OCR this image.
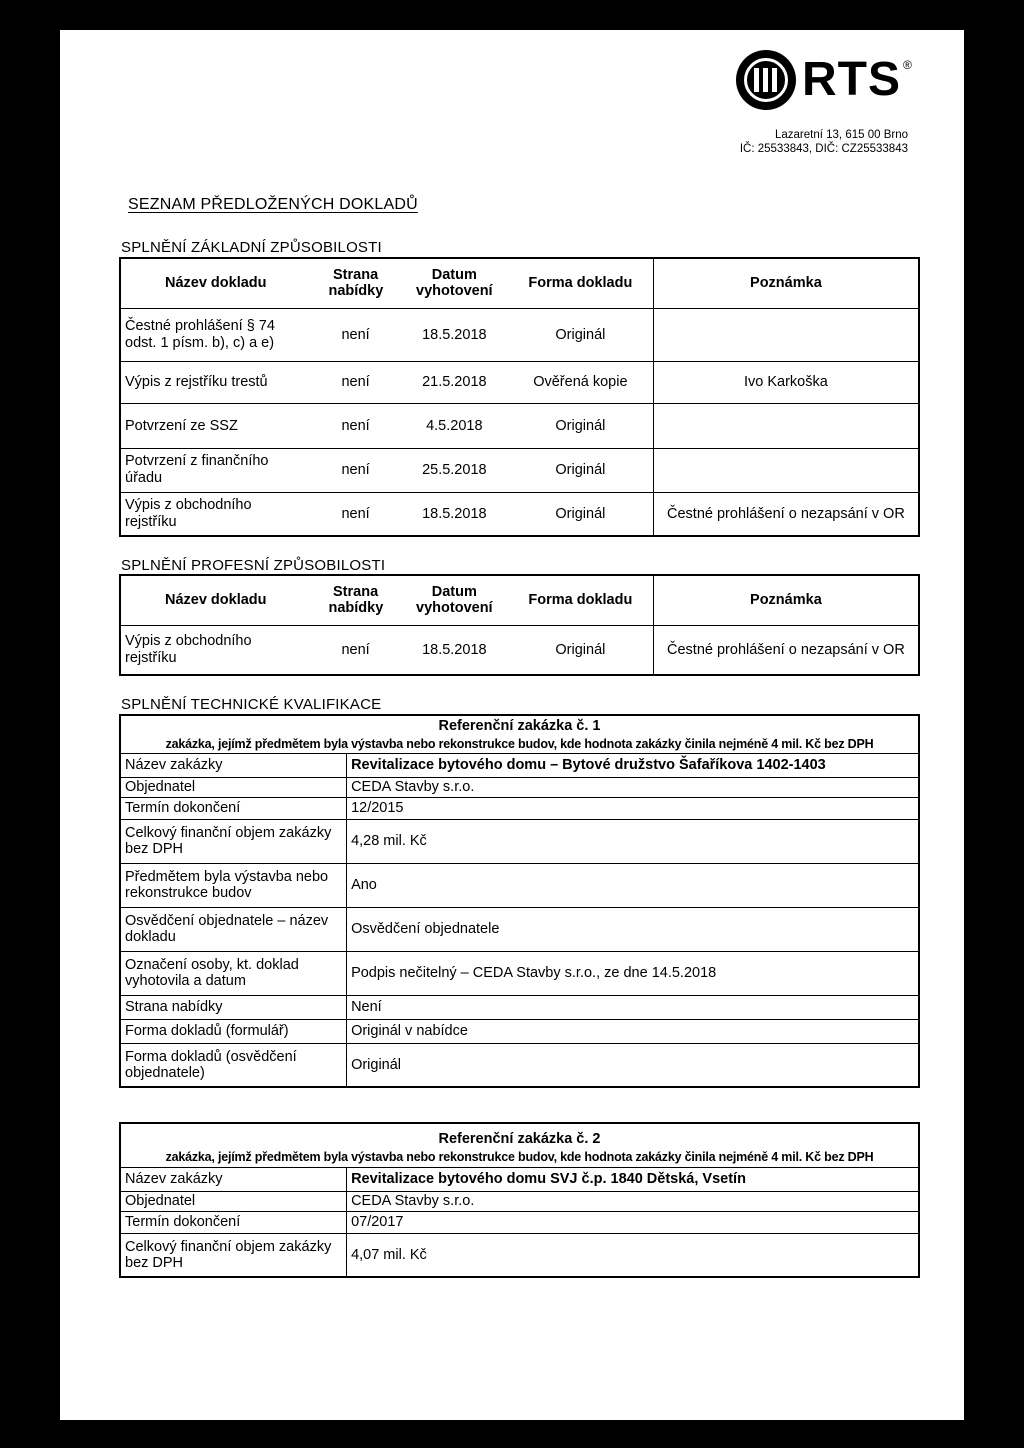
RTS ®
Lazaretní 13, 615 00 Brno
IČ: 25533843, DIČ: CZ25533843
SEZNAM PŘEDLOŽENÝCH DOKLADŮ
SPLNĚNÍ ZÁKLADNÍ ZPŮSOBILOSTI
Název dokladu	Strana nabídky	Datum vyhotovení	Forma dokladu	Poznámka
Čestné prohlášení § 74 odst. 1 písm. b), c) a e)	není	18.5.2018	Originál	
Výpis z rejstříku trestů	není	21.5.2018	Ověřená kopie	Ivo Karkoška
Potvrzení ze SSZ	není	4.5.2018	Originál	
Potvrzení z finančního úřadu	není	25.5.2018	Originál	
Výpis z obchodního rejstříku	není	18.5.2018	Originál	Čestné prohlášení o nezapsání v OR
SPLNĚNÍ PROFESNÍ ZPŮSOBILOSTI
Název dokladu	Strana nabídky	Datum vyhotovení	Forma dokladu	Poznámka
Výpis z obchodního rejstříku	není	18.5.2018	Originál	Čestné prohlášení o nezapsání v OR
SPLNĚNÍ TECHNICKÉ KVALIFIKACE
Referenční zakázka č. 1	
zakázka, jejímž předmětem byla výstavba nebo rekonstrukce budov, kde hodnota zakázky činila nejméně 4 mil. Kč bez DPH	
Název zakázky	Revitalizace bytového domu – Bytové družstvo Šafaříkova 1402-1403
Objednatel	CEDA Stavby s.r.o.
Termín dokončení	12/2015
Celkový finanční objem zakázky bez DPH	4,28 mil. Kč
Předmětem byla výstavba nebo rekonstrukce budov	Ano
Osvědčení objednatele – název dokladu	Osvědčení objednatele
Označení osoby, kt. doklad vyhotovila a datum	Podpis nečitelný – CEDA Stavby s.r.o., ze dne 14.5.2018
Strana nabídky	Není
Forma dokladů (formulář)	Originál v nabídce
Forma dokladů (osvědčení objednatele)	Originál
Referenční zakázka č. 2	
zakázka, jejímž předmětem byla výstavba nebo rekonstrukce budov, kde hodnota zakázky činila nejméně 4 mil. Kč bez DPH	
Název zakázky	Revitalizace bytového domu SVJ č.p. 1840 Dětská, Vsetín
Objednatel	CEDA Stavby s.r.o.
Termín dokončení	07/2017
Celkový finanční objem zakázky bez DPH	4,07 mil. Kč
